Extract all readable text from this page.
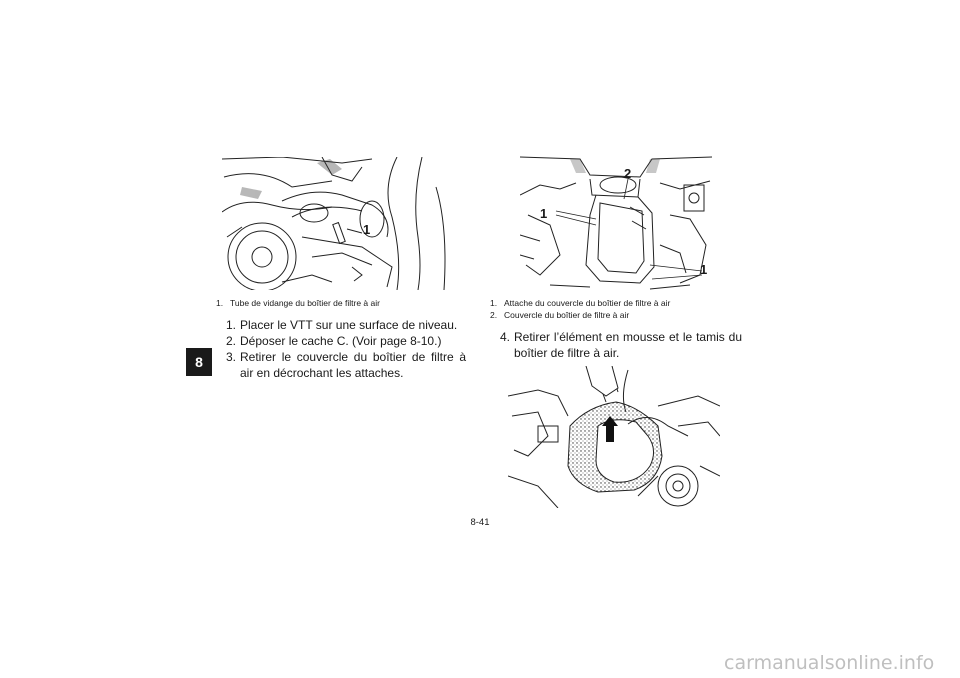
8
1
1. Tube de vidange du boîtier de filtre à air
1. Placer le VTT sur une surface de niveau.
2. Déposer le cache C. (Voir page 8-10.)
3. Retirer le couvercle du boîtier de filtre à air en décrochant les attaches.
2
1
1
1. Attache du couvercle du boîtier de filtre à air
2. Couvercle du boîtier de filtre à air
4. Retirer l’élément en mousse et le tamis du boîtier de filtre à air.
8-41
carmanualsonline.info
